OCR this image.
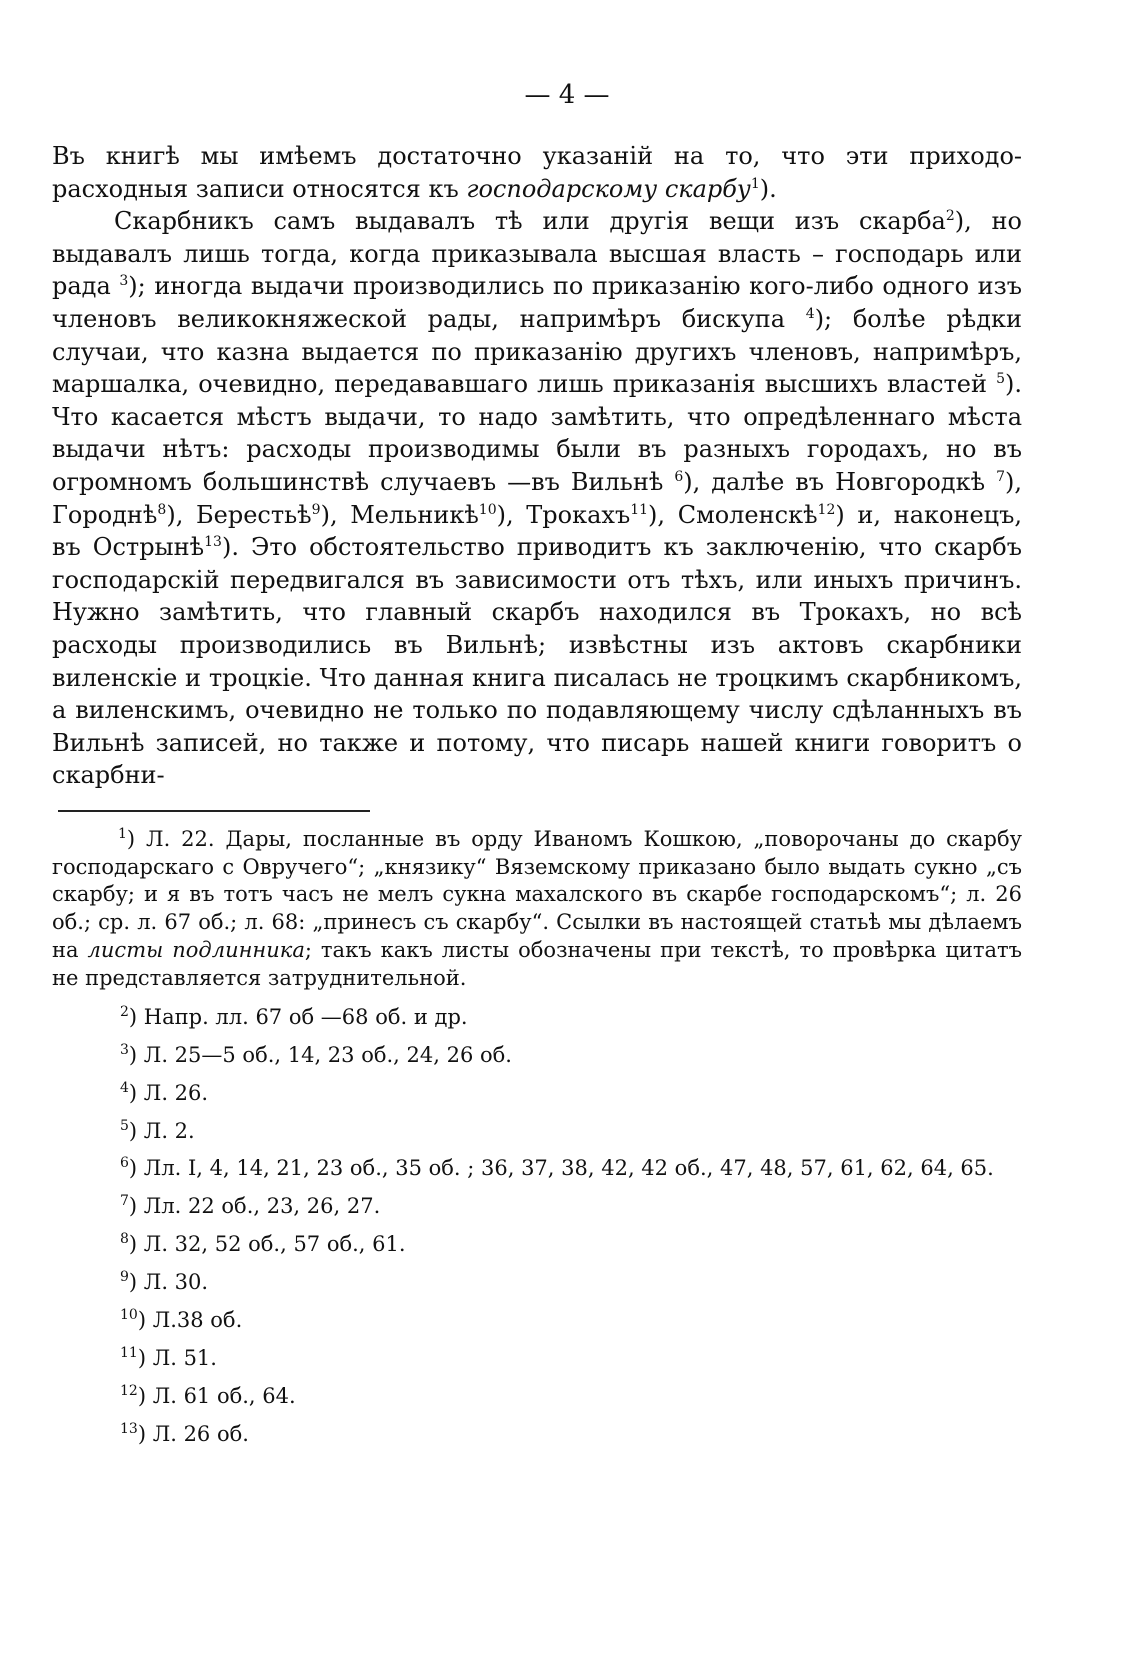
— 4 —

Въ книгѣ мы имѣемъ достаточно указаній на то, что эти приходо-расходныя записи относятся къ господарскому скарбу$^1$).

Скарбникъ самъ выдавалъ тѣ или другія вещи изъ скарба$^2$), но выдавалъ лишь тогда, когда приказывала высшая власть – господарь или рада $^3$); иногда выдачи производились по приказанію кого-либо одного изъ членовъ великокняжеской рады, напримѣръ бискупа $^4$); болѣе рѣдки случаи, что казна выдается по приказанію другихъ членовъ, напримѣръ, маршалка, очевидно, передававшаго лишь приказанія высшихъ властей $^5$). Что касается мѣстъ выдачи, то надо замѣтить, что опредѣленнаго мѣста выдачи нѣтъ: расходы производимы были въ разныхъ городахъ, но въ огромномъ большинствѣ случаевъ —въ Вильнѣ $^6$), далѣе въ Новгородкѣ $^7$), Городнѣ$^8$), Берестьѣ$^9$), Мельникѣ$^{10}$), Трокахъ$^{11}$), Смоленскѣ$^{12}$) и, наконецъ, въ Острынѣ$^{13}$). Это обстоятельство приводитъ къ заключенію, что скарбъ господарскій передвигался въ зависимости отъ тѣхъ, или иныхъ причинъ. Нужно замѣтить, что главный скарбъ находился въ Трокахъ, но всѣ расходы производились въ Вильнѣ; извѣстны изъ актовъ скарбники виленскіе и троцкіе. Что данная книга писалась не троцкимъ скарбникомъ, а виленскимъ, очевидно не только по подавляющему числу сдѣланныхъ въ Вильнѣ записей, но также и потому, что писарь нашей книги говоритъ о скарбни-

$^1$) Л. 22. Дары, посланные въ орду Иваномъ Кошкою, „поворочаны до скарбу господарскаго с Овручего“; „князику“ Вяземскому приказано было выдать сукно „съ скарбу; и я въ тотъ часъ не мелъ сукна махалского въ скарбе господарскомъ“; л. 26 об.; ср. л. 67 об.; л. 68: „принесъ съ скарбу“. Ссылки въ настоящей статьѣ мы дѣлаемъ на листы подлинника; такъ какъ листы обозначены при текстѣ, то провѣрка цитатъ не представляется затруднительной.

$^2$) Напр. лл. 67 об —68 об. и др.

$^3$) Л. 25—5 об., 14, 23 об., 24, 26 об.

$^4$) Л. 26.

$^5$) Л. 2.

$^6$) Лл. I, 4, 14, 21, 23 об., 35 об. ; 36, 37, 38, 42, 42 об., 47, 48, 57, 61, 62, 64, 65.

$^7$) Лл. 22 об., 23, 26, 27.

$^8$) Л. 32, 52 об., 57 об., 61.

$^9$) Л. 30.

$^{10}$) Л.38 об.

$^{11}$) Л. 51.

$^{12}$) Л. 61 об., 64.

$^{13}$) Л. 26 об.
